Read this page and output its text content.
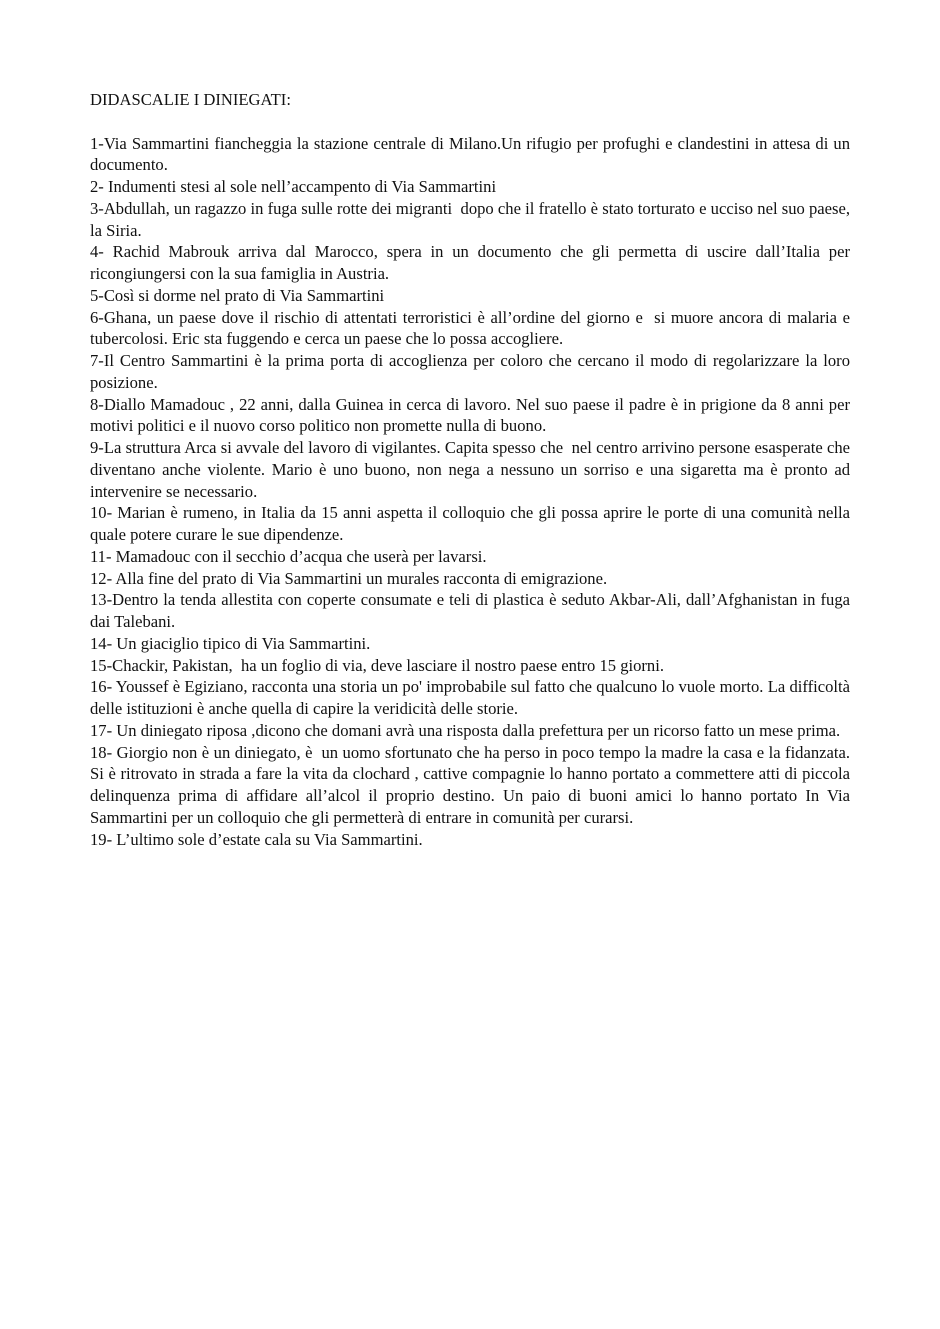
DIDASCALIE I DINIEGATI:

1-Via Sammartini fiancheggia la stazione centrale di Milano.Un rifugio per profughi e clandestini in attesa di un documento.

2- Indumenti stesi al sole nell’accampento di Via Sammartini

3-Abdullah, un ragazzo in fuga sulle rotte dei migranti  dopo che il fratello è stato torturato e ucciso nel suo paese, la Siria.

4- Rachid Mabrouk arriva dal Marocco, spera in un documento che gli permetta di uscire dall’Italia per ricongiungersi con la sua famiglia in Austria.

5-Così si dorme nel prato di Via Sammartini

6-Ghana, un paese dove il rischio di attentati terroristici è all’ordine del giorno e  si muore ancora di malaria e tubercolosi. Eric sta fuggendo e cerca un paese che lo possa accogliere.

7-Il Centro Sammartini è la prima porta di accoglienza per coloro che cercano il modo di regolarizzare la loro posizione.

8-Diallo Mamadouc , 22 anni, dalla Guinea in cerca di lavoro. Nel suo paese il padre è in prigione da 8 anni per motivi politici e il nuovo corso politico non promette nulla di buono.

9-La struttura Arca si avvale del lavoro di vigilantes. Capita spesso che  nel centro arrivino persone esasperate che diventano anche violente. Mario è uno buono, non nega a nessuno un sorriso e una sigaretta ma è pronto ad intervenire se necessario.

10- Marian è rumeno, in Italia da 15 anni aspetta il colloquio che gli possa aprire le porte di una comunità nella quale potere curare le sue dipendenze.

11- Mamadouc con il secchio d’acqua che userà per lavarsi.

12- Alla fine del prato di Via Sammartini un murales racconta di emigrazione.

13-Dentro la tenda allestita con coperte consumate e teli di plastica è seduto Akbar-Ali, dall’Afghanistan in fuga dai Talebani.

14- Un giaciglio tipico di Via Sammartini.

15-Chackir, Pakistan,  ha un foglio di via, deve lasciare il nostro paese entro 15 giorni.

16- Youssef è Egiziano, racconta una storia un po' improbabile sul fatto che qualcuno lo vuole morto. La difficoltà delle istituzioni è anche quella di capire la veridicità delle storie.

17- Un diniegato riposa ,dicono che domani avrà una risposta dalla prefettura per un ricorso fatto un mese prima.

18- Giorgio non è un diniegato, è  un uomo sfortunato che ha perso in poco tempo la madre la casa e la fidanzata. Si è ritrovato in strada a fare la vita da clochard , cattive compagnie lo hanno portato a commettere atti di piccola delinquenza prima di affidare all’alcol il proprio destino. Un paio di buoni amici lo hanno portato In Via Sammartini per un colloquio che gli permetterà di entrare in comunità per curarsi.

19- L’ultimo sole d’estate cala su Via Sammartini.
